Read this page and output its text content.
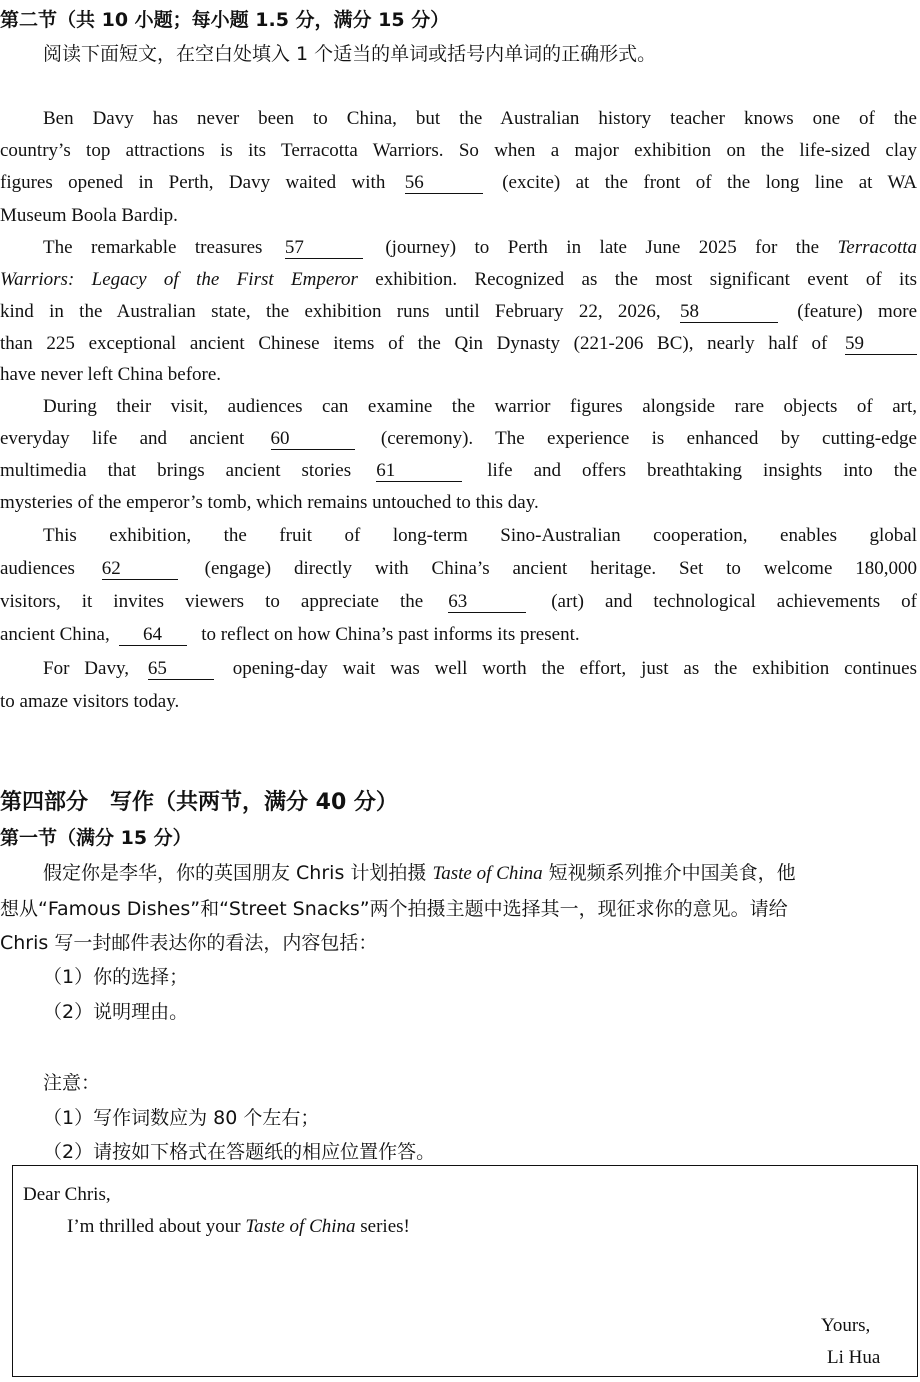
第二节（共 10 小题；每小题 1.5 分，满分 15 分）
阅读下面短文，在空白处填入 1 个适当的单词或括号内单词的正确形式。
Ben Davy has never been to China, but the Australian history teacher knows one of the
country’s top attractions is its Terracotta Warriors. So when a major exhibition on the life-sized clay
figures opened in Perth, Davy waited with 56	(excite) at the front of the long line at WA
Museum Boola Bardip.
The remarkable treasures 57	(journey) to Perth in late June 2025 for the Terracotta
Warriors: Legacy of the First Emperor exhibition. Recognized as the most significant event of its
kind in the Australian state, the exhibition runs until February 22, 2026, 58	(feature) more
than 225 exceptional ancient Chinese items of the Qin Dynasty (221-206 BC), nearly half of 59
have never left China before.
During their visit, audiences can examine the warrior figures alongside rare objects of art,
everyday life and ancient 60	(ceremony). The experience is enhanced by cutting-edge
multimedia that brings ancient stories 61	life and offers breathtaking insights into the
mysteries of the emperor’s tomb, which remains untouched to this day.
This exhibition, the fruit of long-term Sino-Australian cooperation, enables global
audiences 62	(engage) directly with China’s ancient heritage. Set to welcome 180,000
visitors, it invites viewers to appreciate the 63	(art) and technological achievements of
ancient China, 64 to reflect on how China’s past informs its present.
For Davy, 65	opening-day wait was well worth the effort, just as the exhibition continues
to amaze visitors today.
第四部分　写作（共两节，满分 40 分）
第一节（满分 15 分）
假定你是李华，你的英国朋友 Chris 计划拍摄 Taste of China 短视频系列推介中国美食，他
想从“Famous Dishes”和“Street Snacks”两个拍摄主题中选择其一，现征求你的意见。请给
Chris 写一封邮件表达你的看法，内容包括：
（1）你的选择；
（2）说明理由。
注意：
（1）写作词数应为 80 个左右；
（2）请按如下格式在答题纸的相应位置作答。
Dear Chris,
I’m thrilled about your Taste of China series!
Yours,
Li Hua
